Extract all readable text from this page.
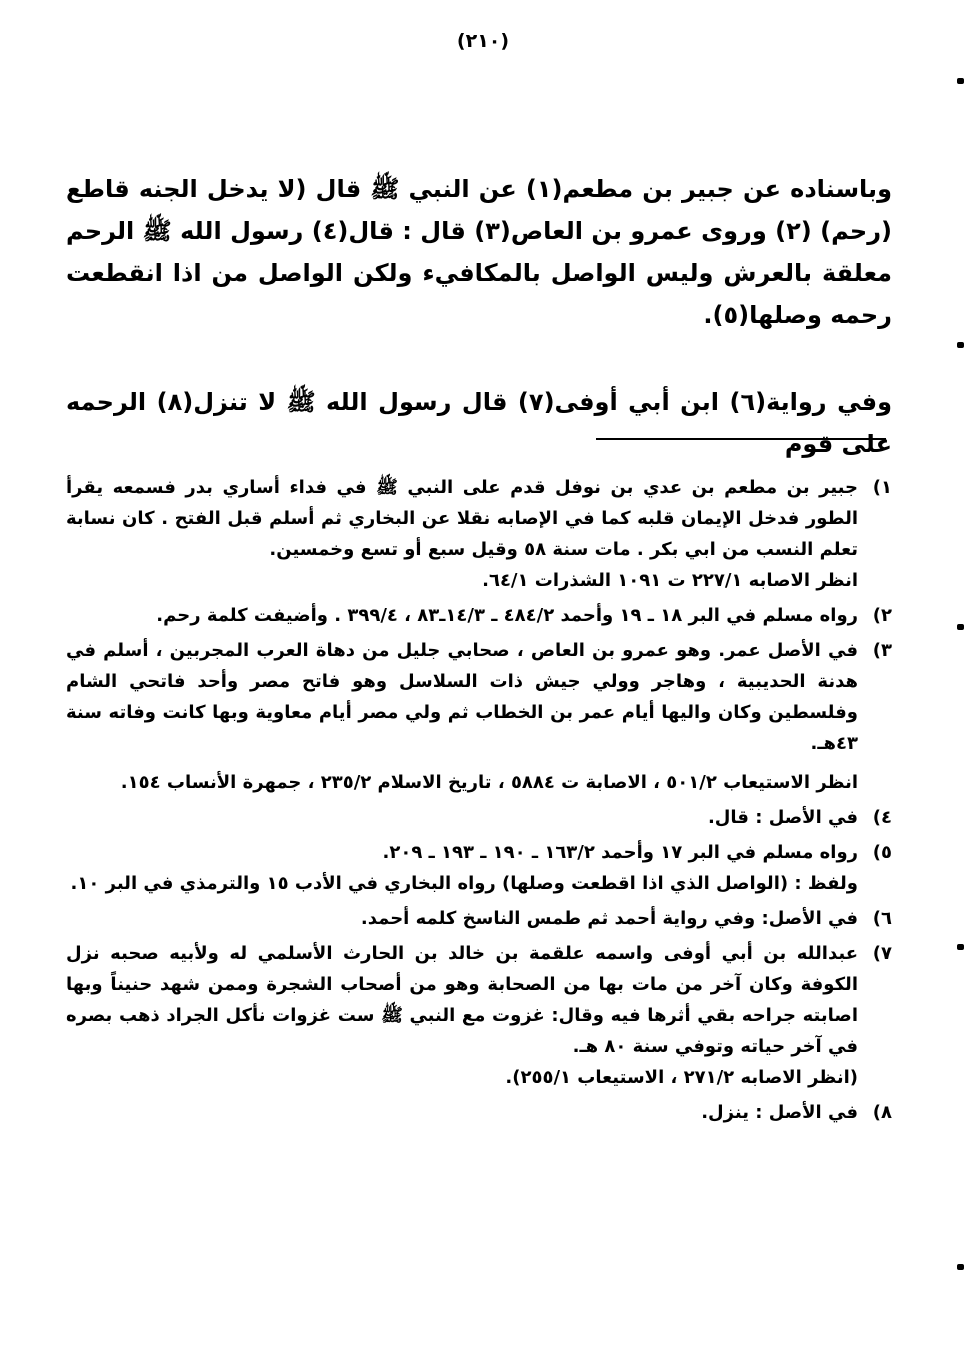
(٢١٠)

وباسناده عن جبير بن مطعم(١) عن النبي ﷺ قال (لا يدخل الجنه قاطع (رحم) (٢) وروى عمرو بن العاص(٣) قال : قال(٤) رسول الله ﷺ الرحم معلقة بالعرش وليس الواصل بالمكافيء ولكن الواصل من اذا انقطعت رحمه وصلها(٥).

وفي رواية(٦) ابن أبي أوفى(٧) قال رسول الله ﷺ لا تنزل(٨) الرحمه على قوم

١)
جبير بن مطعم بن عدي بن نوفل قدم على النبي ﷺ في فداء أساري بدر فسمعه يقرأ الطور فدخل الإيمان قلبه كما في الإصابه نقلا عن البخاري ثم أسلم قبل الفتح . كان نسابة تعلم النسب من ابي بكر . مات سنة ٥٨ وقيل سبع أو تسع وخمسين.
انظر الاصابه ٢٢٧/١ ت ١٠٩١ الشذرات ٦٤/١.
٢)
رواه مسلم في البر ١٨ ـ ١٩ وأحمد ٤٨٤/٢ ـ ١٤/٣ـ٨٣ ، ٣٩٩/٤ . وأضيفت كلمة رحم.
٣)
في الأصل عمر. وهو عمرو بن العاص ، صحابي جليل من دهاة العرب المجربين ، أسلم في هدنة الحديبية ، وهاجر وولي جيش ذات السلاسل وهو فاتح مصر وأحد فاتحي الشام وفلسطين وكان واليها أيام عمر بن الخطاب ثم ولي مصر أيام معاوية وبها كانت وفاته سنة ٤٣هـ.
انظر الاستيعاب ٥٠١/٢ ، الاصابة ت ٥٨٨٤ ، تاريخ الاسلام ٢٣٥/٢ ، جمهرة الأنساب ١٥٤.
٤)
في الأصل : قال.
٥)
رواه مسلم في البر ١٧ وأحمد ١٦٣/٢ ـ ١٩٠ ـ ١٩٣ ـ ٢٠٩.
ولفظ : (الواصل الذي اذا اقطعت وصلها) رواه البخاري في الأدب ١٥ والترمذي في البر ١٠.
٦)
في الأصل: وفي رواية أحمد ثم طمس الناسخ كلمه أحمد.
٧)
عبدالله بن أبي أوفى واسمه علقمة بن خالد بن الحارث الأسلمي له ولأبيه صحبه نزل الكوفة وكان آخر من مات بها من الصحابة وهو من أصحاب الشجرة وممن شهد حنيناً وبها اصابته جراحه بقي أثرها فيه وقال: غزوت مع النبي ﷺ ست غزوات نأكل الجراد ذهب بصره في آخر حياته وتوفي سنة ٨٠ هـ.
(انظر الاصابه ٢٧١/٢ ، الاستيعاب ٢٥٥/١).
٨)
في الأصل : ينزل.
